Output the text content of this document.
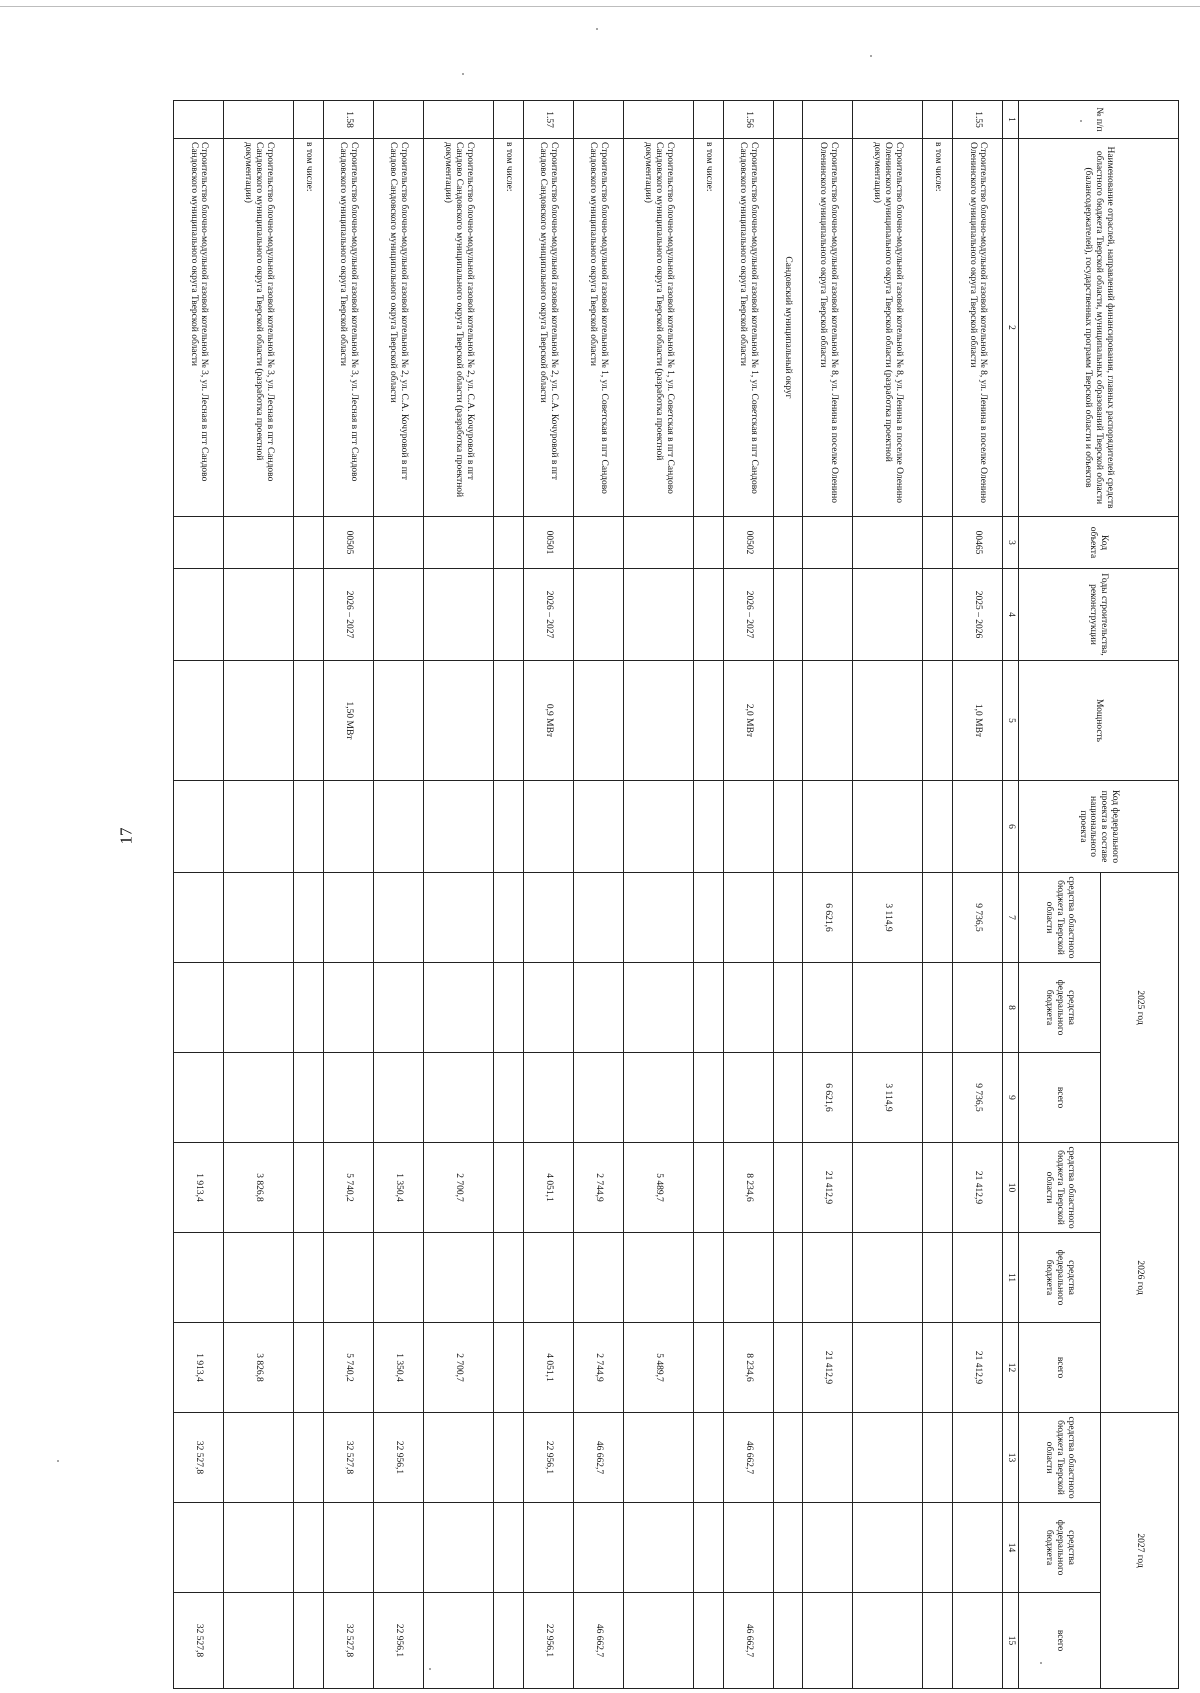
17
№ п/п	Наименование отраслей, направлений финансирования, главных распорядителей средств областного бюджета Тверской области, муниципальных образований Тверской области (балансодержателей), государственных программ Тверской области и объектов	Код объекта	Годы строительства, реконструкции	Мощность	Код федерального проекта в составе национального проекта	2025 год			2026 год			2027 год		
						средства областного бюджета Тверской области	средства федерального бюджета	всего	средства областного бюджета Тверской области	средства федерального бюджета	всего	средства областного бюджета Тверской области	средства федерального бюджета	всего
1	2	3	4	5	6	7	8	9	10	11	12	13	14	15
1.55	Строительство блочно-модульной газовой котельной № 8, ул. Ленина в поселке Оленино Оленинского муниципального округа Тверской области	00465	2025 – 2026	1,0 МВт		9 736,5		9 736,5	21 412,9		21 412,9			
	в том числе:													
	Строительство блочно-модульной газовой котельной № 8, ул. Ленина в поселке Оленино Оленинского муниципального округа Тверской области (разработка проектной документации)					3 114,9		3 114,9						
	Строительство блочно-модульной газовой котельной № 8, ул. Ленина в поселке Оленино Оленинского муниципального округа Тверской области					6 621,6		6 621,6	21 412,9		21 412,9			
	Сандовский муниципальный округ													
1.56	Строительство блочно-модульной газовой котельной № 1, ул. Советская в пгт Сандово Сандовского муниципального округа Тверской области	00502	2026 – 2027	2,0 МВт					8 234,6		8 234,6	46 662,7		46 662,7
	в том числе:													
	Строительство блочно-модульной газовой котельной № 1, ул. Советская в пгт Сандово Сандовского муниципального округа Тверской области (разработка проектной документации)								5 489,7		5 489,7			
	Строительство блочно-модульной газовой котельной № 1, ул. Советская в пгт Сандово Сандовского муниципального округа Тверской области								2 744,9		2 744,9	46 662,7		46 662,7
1.57	Строительство блочно-модульной газовой котельной № 2, ул. С.А. Кочуровой в пгт Сандово Сандовского муниципального округа Тверской области	00501	2026 – 2027	0,9 МВт					4 051,1		4 051,1	22 956,1		22 956,1
	в том числе:													
	Строительство блочно-модульной газовой котельной № 2, ул. С.А. Кочуровой в пгт Сандово Сандовского муниципального округа Тверской области (разработка проектной документации)								2 700,7		2 700,7			
	Строительство блочно-модульной газовой котельной № 2, ул. С.А. Кочуровой в пгт Сандово Сандовского муниципального округа Тверской области								1 350,4		1 350,4	22 956,1		22 956,1
1.58	Строительство блочно-модульной газовой котельной № 3, ул. Лесная в пгт Сандово Сандовского муниципального округа Тверской области	00505	2026 – 2027	1,50 МВт					5 740,2		5 740,2	32 527,8		32 527,8
	в том числе:													
	Строительство блочно-модульной газовой котельной № 3, ул. Лесная в пгт Сандово Сандовского муниципального округа Тверской области (разработка проектной документации)								3 826,8		3 826,8			
	Строительство блочно-модульной газовой котельной № 3, ул. Лесная в пгт Сандово Сандовского муниципального округа Тверской области								1 913,4		1 913,4	32 527,8		32 527,8
